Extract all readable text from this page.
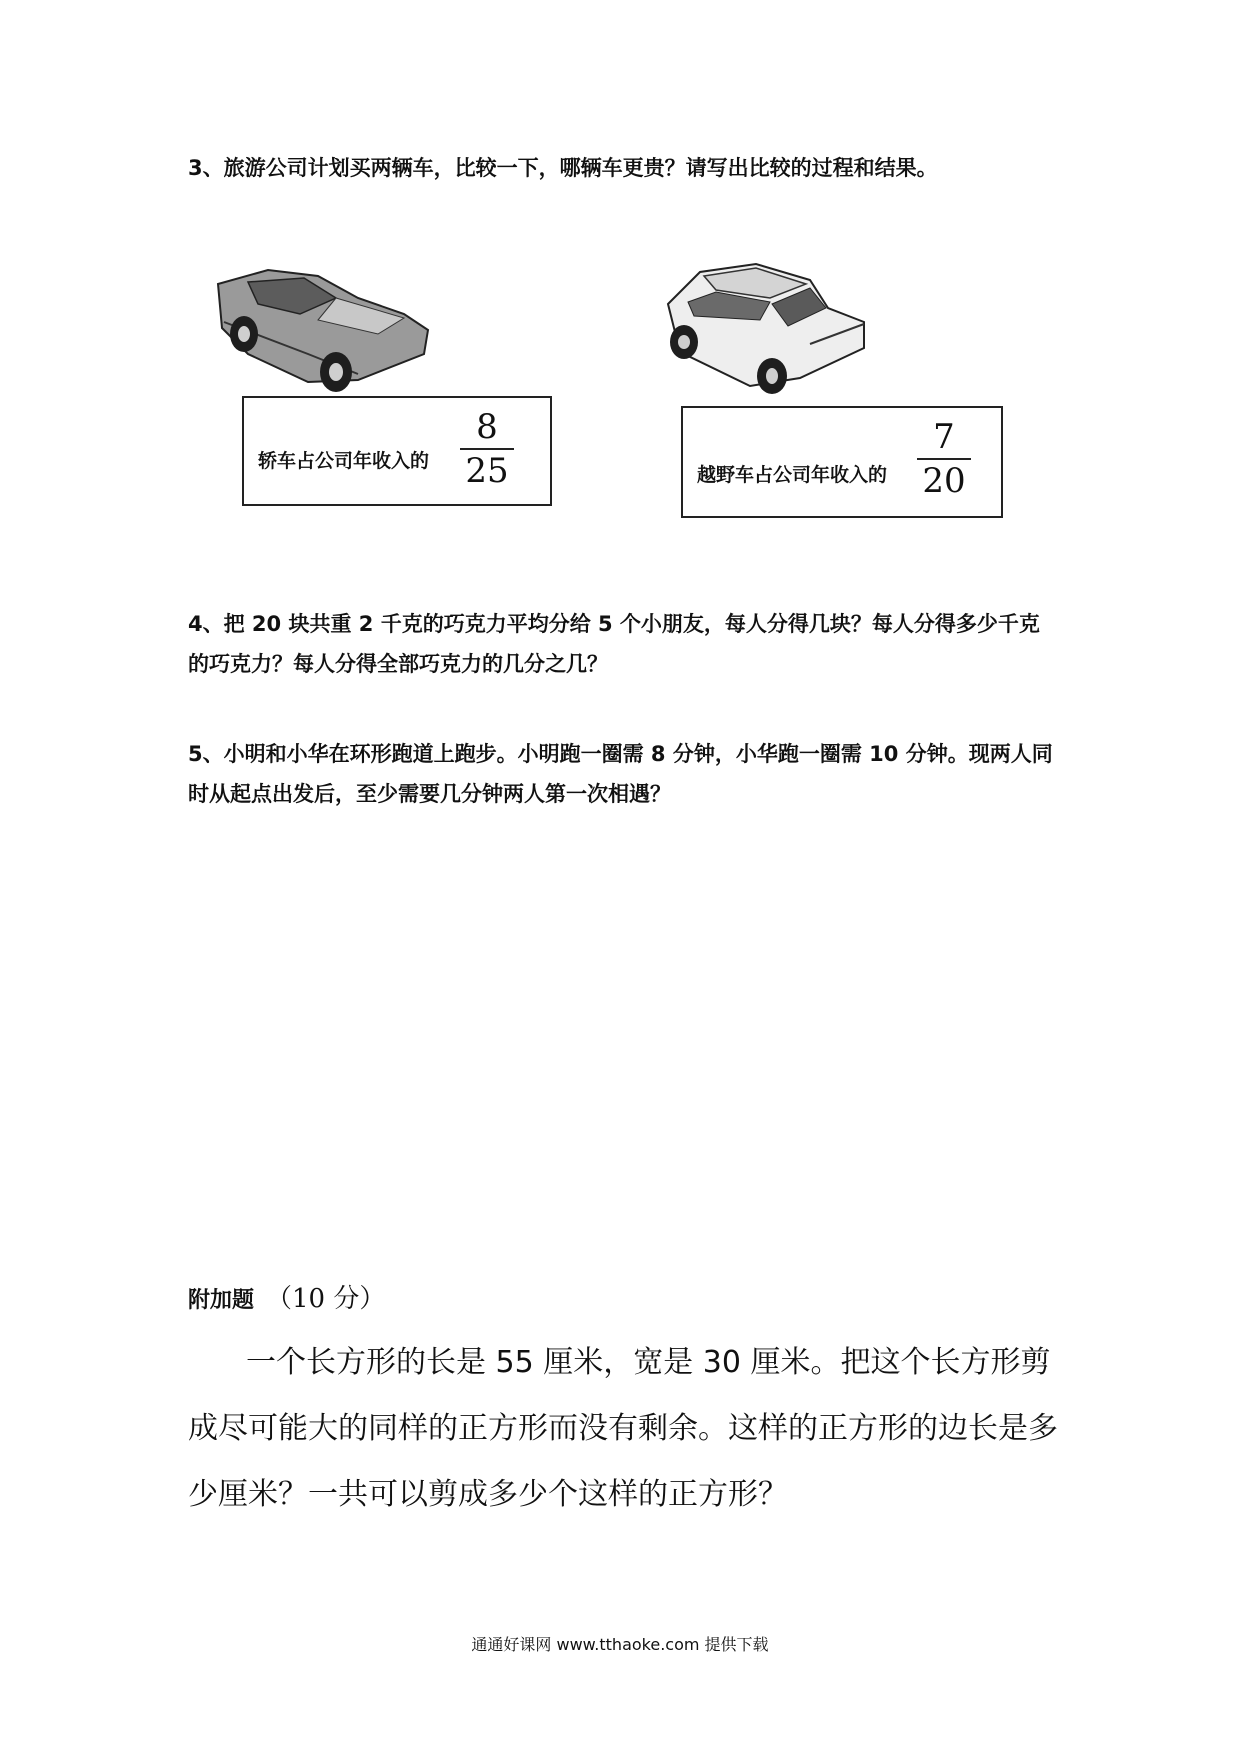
3、旅游公司计划买两辆车，比较一下，哪辆车更贵？请写出比较的过程和结果。
轿车占公司年收入的
8
25	越野车占公司年收入的
7
20
4、把 20 块共重 2 千克的巧克力平均分给 5 个小朋友，每人分得几块？每人分得多少千克的巧克力？每人分得全部巧克力的几分之几？
5、小明和小华在环形跑道上跑步。小明跑一圈需 8 分钟，小华跑一圈需 10 分钟。现两人同时从起点出发后，至少需要几分钟两人第一次相遇？
附加题 （10 分）
一个长方形的长是 55 厘米，宽是 30 厘米。把这个长方形剪成尽可能大的同样的正方形而没有剩余。这样的正方形的边长是多少厘米？一共可以剪成多少个这样的正方形？
通通好课网 www.tthaoke.com 提供下载
